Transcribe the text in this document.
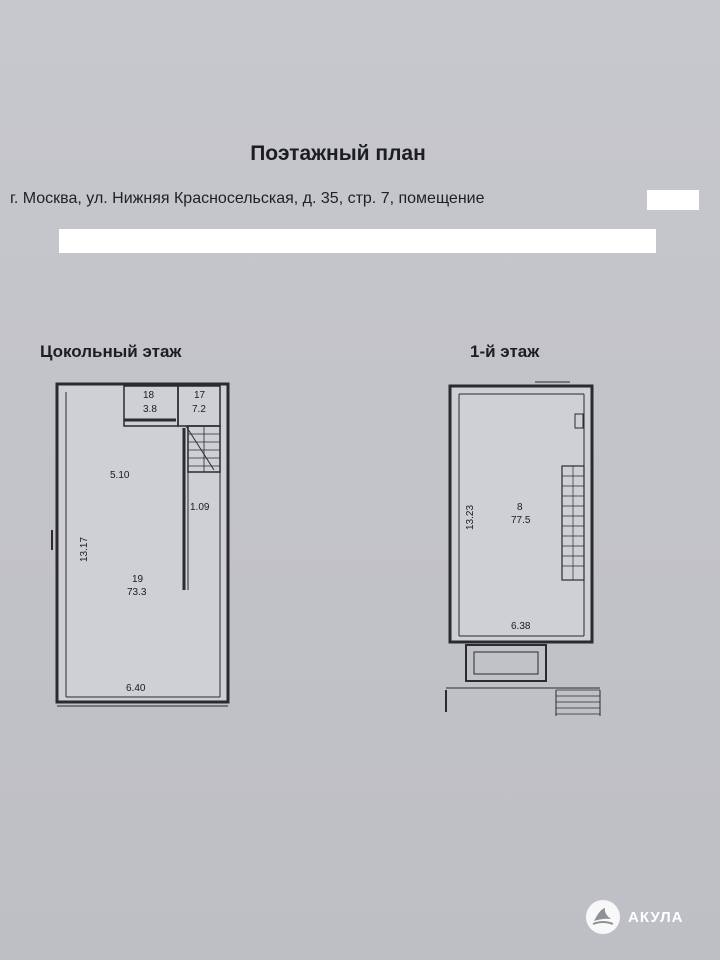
Поэтажный план
г. Москва, ул. Нижняя Красносельская, д. 35, стр. 7, помещение
Цокольный этаж	1-й этаж
18
3.8
17
7.2
5.10
1.09
13.17
19
73.3
6.40
13.23	8
77.5
6.38
АКУЛА
